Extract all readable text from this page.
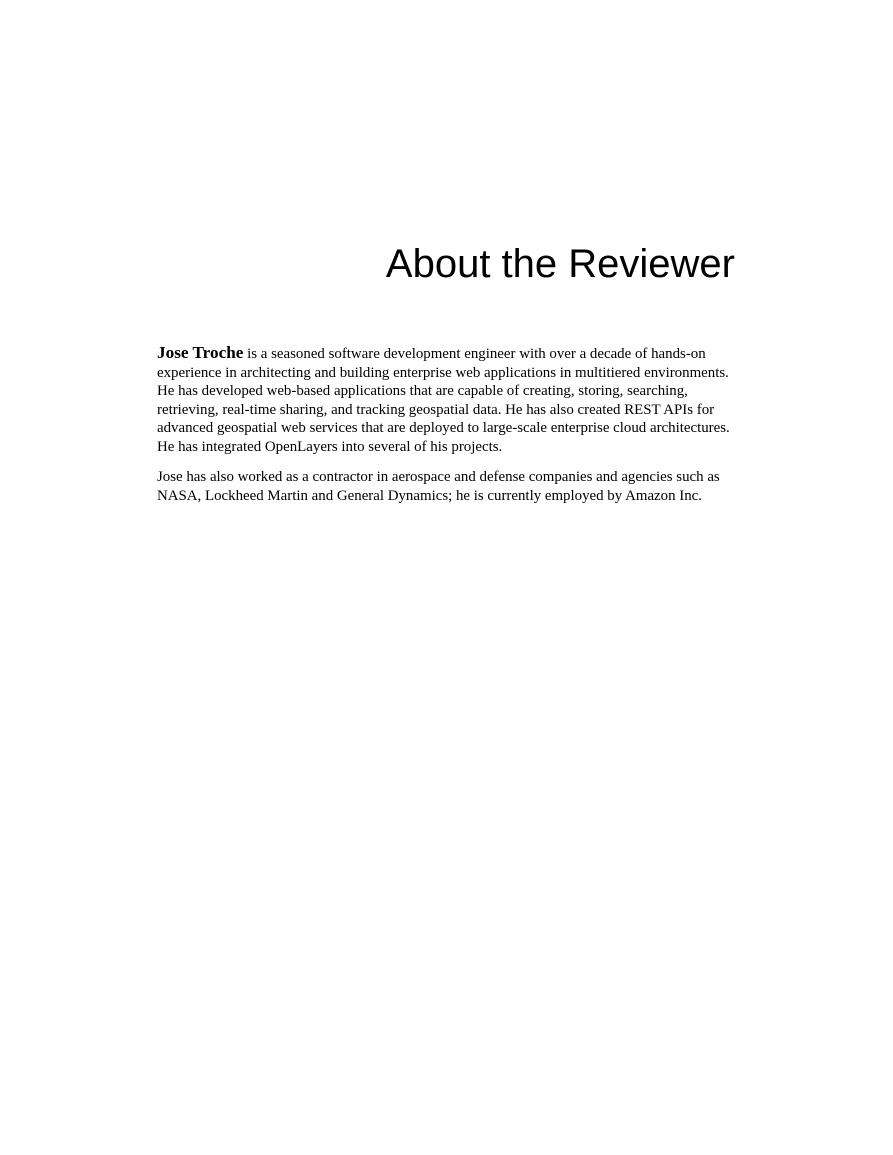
About the Reviewer

Jose Troche is a seasoned software development engineer with over a decade of hands-on experience in architecting and building enterprise web applications in multitiered environments. He has developed web-based applications that are capable of creating, storing, searching, retrieving, real-time sharing, and tracking geospatial data. He has also created REST APIs for advanced geospatial web services that are deployed to large-scale enterprise cloud architectures. He has integrated OpenLayers into several of his projects.

Jose has also worked as a contractor in aerospace and defense companies and agencies such as NASA, Lockheed Martin and General Dynamics; he is currently employed by Amazon Inc.
